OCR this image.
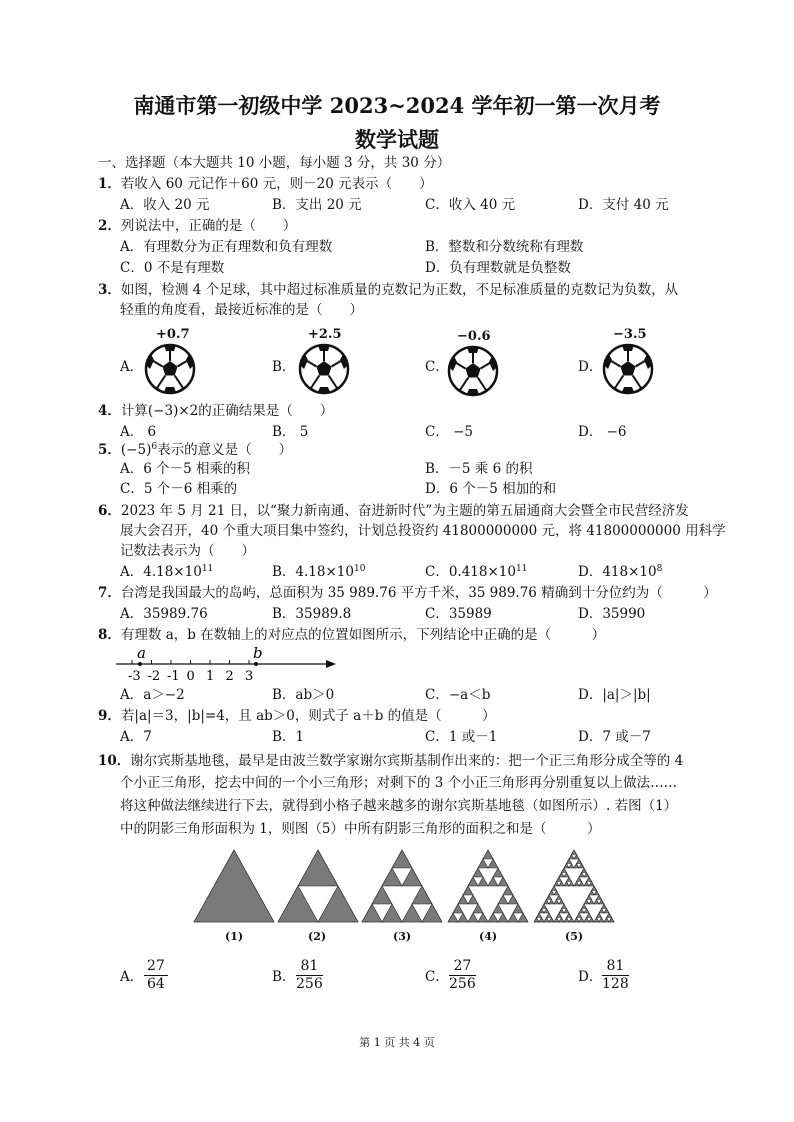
南通市第一初级中学 2023~2024 学年初一第一次月考
数学试题
一、选择题（本大题共 10 小题，每小题 3 分，共 30 分）
1．若收入 60 元记作＋60 元，则－20 元表示（　　）
A．收入 20 元	B．支出 20 元	C．收入 40 元	D．支付 40 元
2．列说法中，正确的是（　　）
A．有理数分为正有理数和负有理数	B．整数和分数统称有理数
C．0 不是有理数	D．负有理数就是负整数
3．如图，检测 4 个足球，其中超过标准质量的克数记为正数，不足标准质量的克数记为负数，从
轻重的角度看，最接近标准的是（　　）
A．
+0.7
B．
+2.5
C．
−0.6
D．
−3.5
4．计算(−3)×2的正确结果是（　　）
A． 6	B． 5	C． −5	D． −6
5．$(-5)^6$表示的意义是（　　）
A．6 个－5 相乘的积	B．－5 乘 6 的积
C．5 个－6 相乘的	D．6 个－5 相加的和
6．2023 年 5 月 21 日，以“聚力新南通、奋进新时代”为主题的第五届通商大会暨全市民营经济发
展大会召开，40 个重大项目集中签约，计划总投资约 41800000000 元，将 41800000000 用科学
记数法表示为（　　）
A．$4.18\times 10^{11}$	B．$4.18\times 10^{10}$	C．$0.418\times 10^{11}$	D．$418\times 10^8$
7．台湾是我国最大的岛屿，总面积为 35 989.76 平方千米，35 989.76 精确到十分位约为（　　　）
A．35989.76	B．35989.8	C．35989	D．35990
8．有理数 a，b 在数轴上的对应点的位置如图所示，下列结论中正确的是（　　　）
-3 -2 -1 0 1 2 3
a	b
A．a＞−2	B．ab＞0	C．−a＜b	D．|a|＞|b|
9．若|a|＝3，|b|=4，且 ab＞0，则式子 a＋b 的值是（　　　）
A．7	B．1	C．1 或－1	D．7 或－7
10．谢尔宾斯基地毯，最早是由波兰数学家谢尔宾斯基制作出来的：把一个正三角形分成全等的 4
个小正三角形，挖去中间的一个小三角形；对剩下的 3 个小正三角形再分别重复以上做法……
将这种做法继续进行下去，就得到小格子越来越多的谢尔宾斯基地毯（如图所示）. 若图（1）
中的阴影三角形面积为 1，则图（5）中所有阴影三角形的面积之和是（　　　）
(1)	(2)	(3)	(4)	(5)
A． $\frac{27}{64}$	B． $\frac{81}{256}$	C． $\frac{27}{256}$	D． $\frac{81}{128}$
第 1 页 共 4 页
